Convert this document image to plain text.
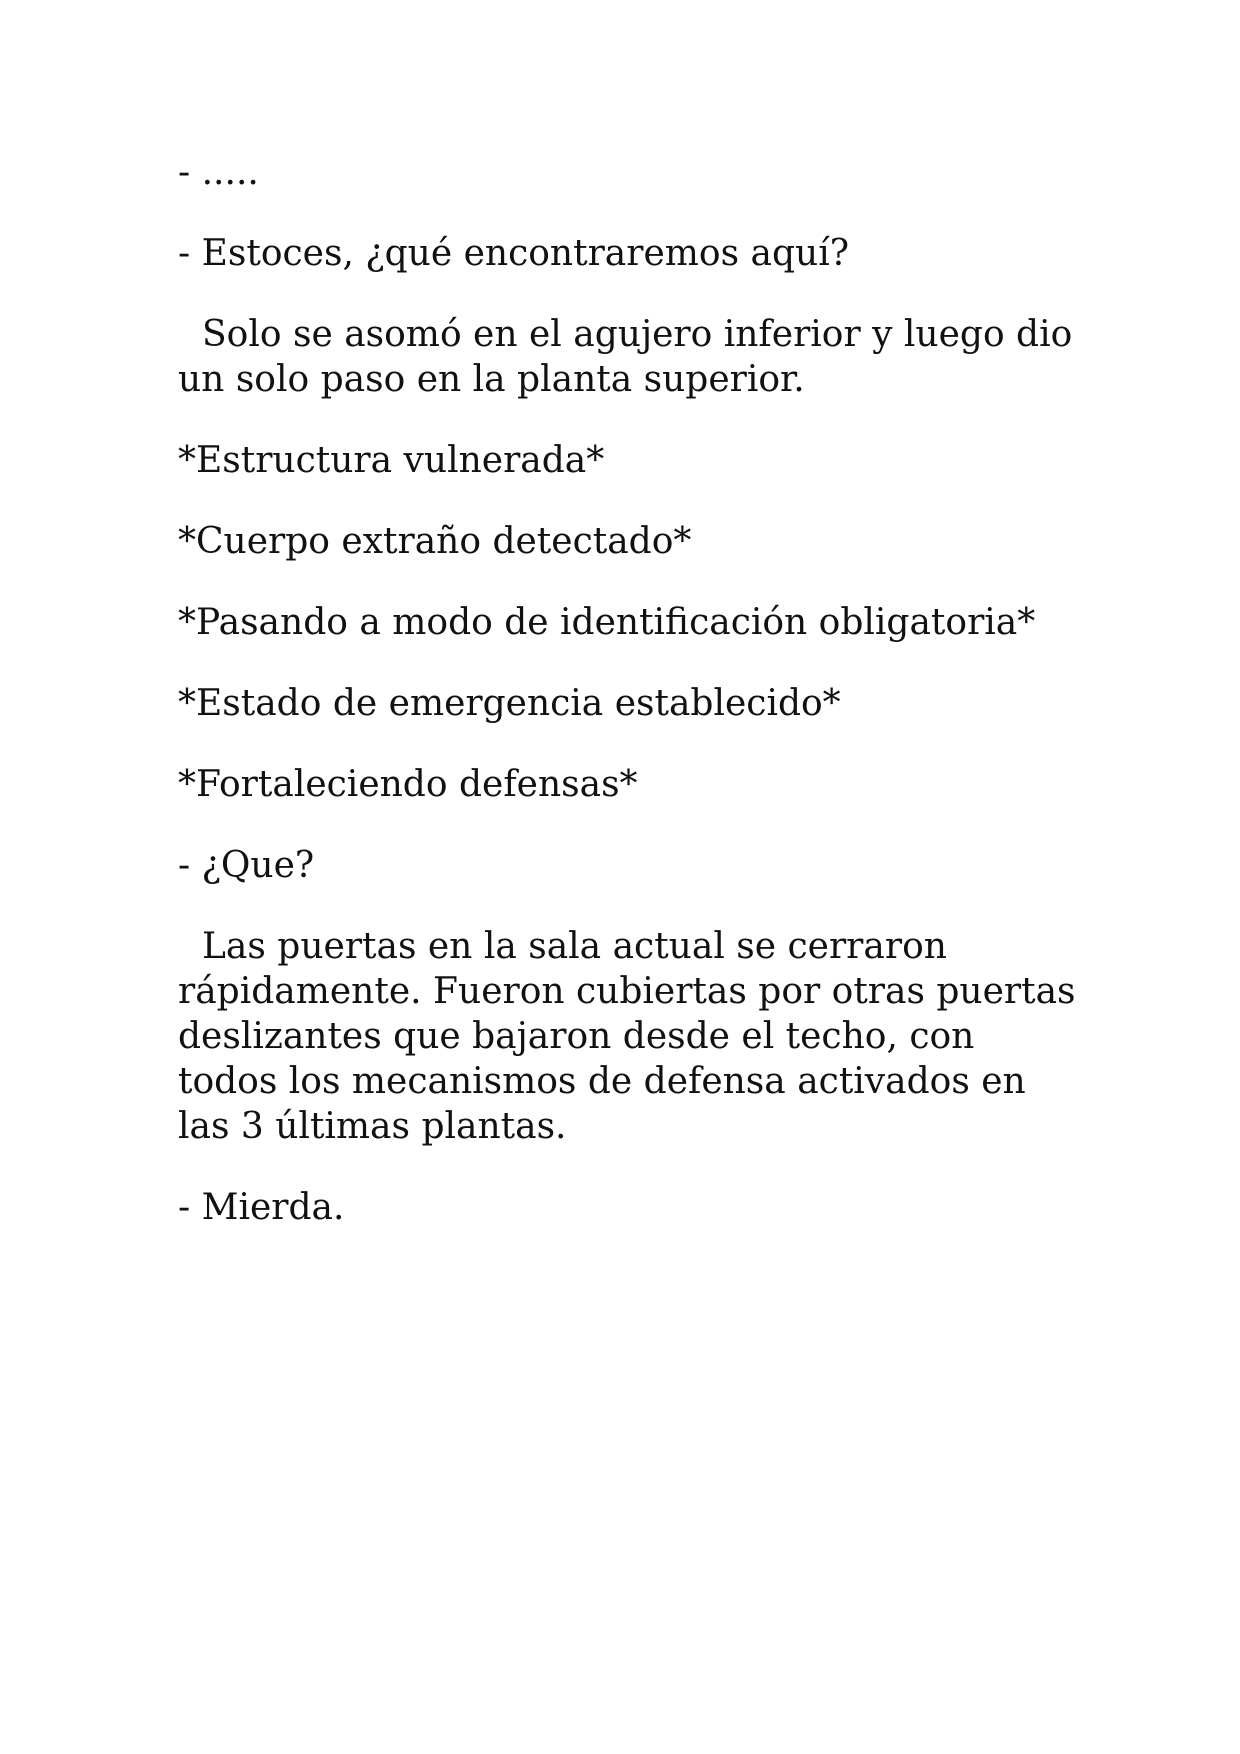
- .....

- Estoces, ¿qué encontraremos aquí?

Solo se asomó en el agujero inferior y luego dio un solo paso en la planta superior.

*Estructura vulnerada*

*Cuerpo extraño detectado*

*Pasando a modo de identificación obligatoria*

*Estado de emergencia establecido*

*Fortaleciendo defensas*

- ¿Que?

Las puertas en la sala actual se cerraron rápidamente. Fueron cubiertas por otras puertas deslizantes que bajaron desde el techo, con todos los mecanismos de defensa activados en las 3 últimas plantas.

- Mierda.
